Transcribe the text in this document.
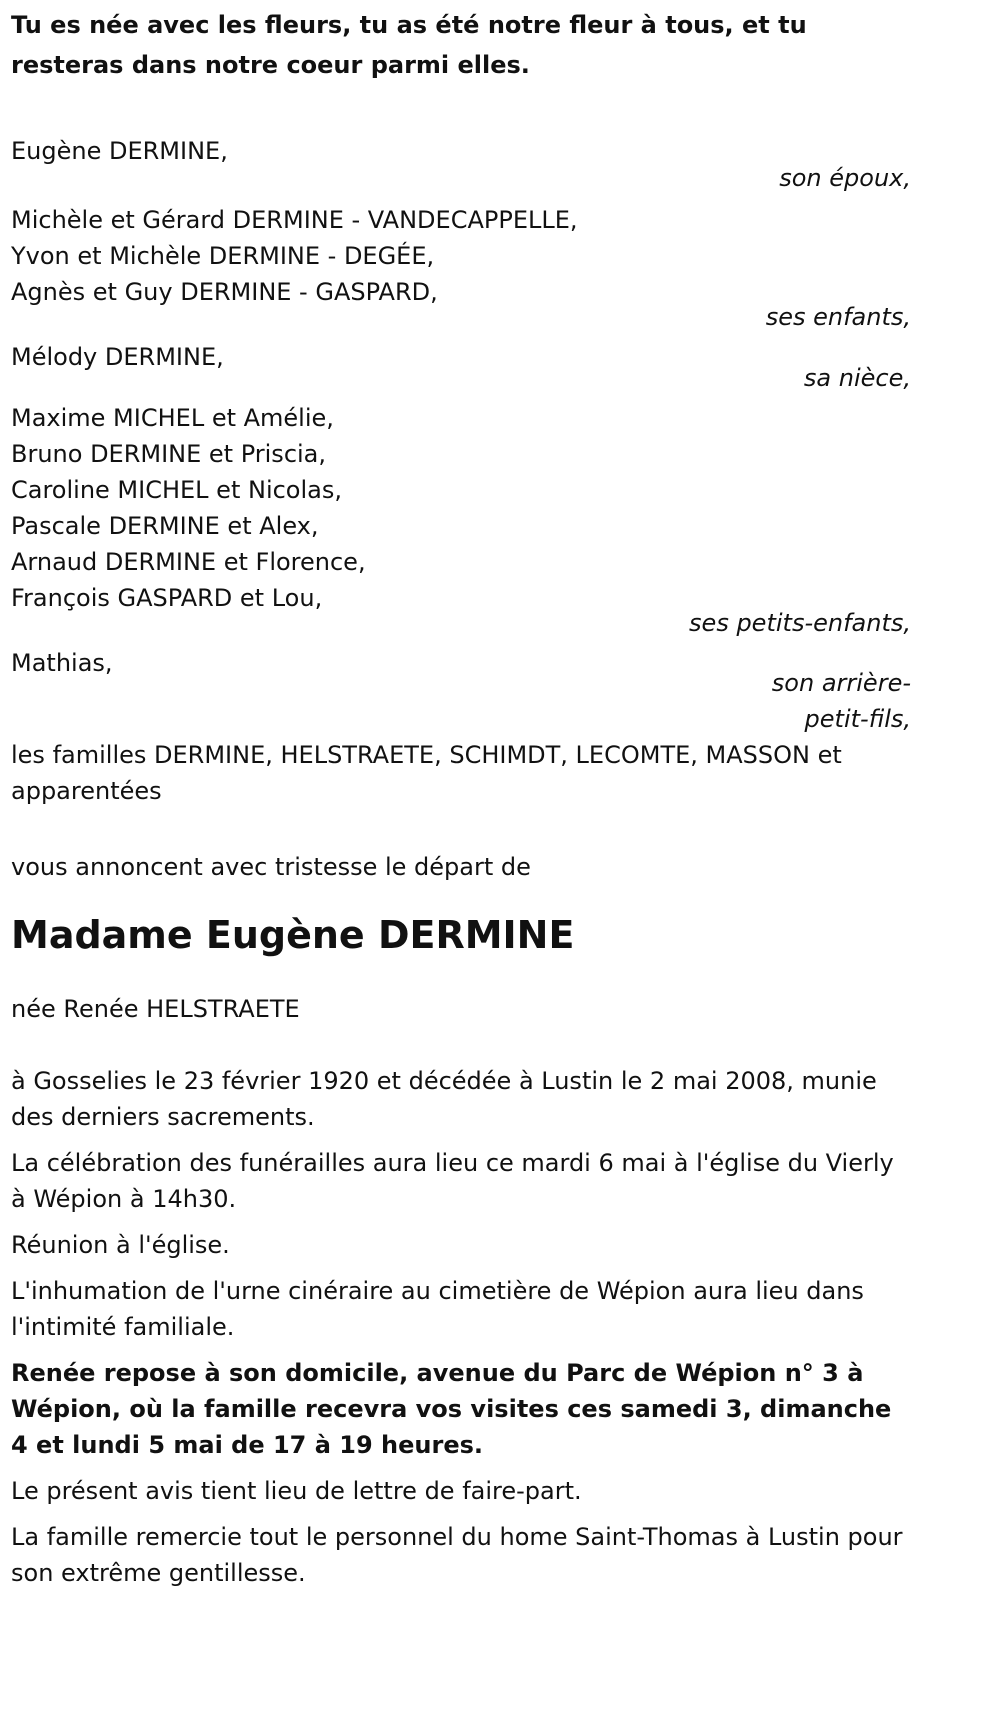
Tu es née avec les fleurs, tu as été notre fleur à tous, et tu resteras dans notre coeur parmi elles.

Eugène DERMINE,
son époux,
Michèle et Gérard DERMINE - VANDECAPPELLE,
Yvon et Michèle DERMINE - DEGÉE,
Agnès et Guy DERMINE - GASPARD,
ses enfants,
Mélody DERMINE,
sa nièce,
Maxime MICHEL et Amélie,
Bruno DERMINE et Priscia,
Caroline MICHEL et Nicolas,
Pascale DERMINE et Alex,
Arnaud DERMINE et Florence,
François GASPARD et Lou,
ses petits-enfants,
Mathias,
son arrière-
petit-fils,

les familles DERMINE, HELSTRAETE, SCHIMDT, LECOMTE, MASSON et apparentées

vous annoncent avec tristesse le départ de

Madame Eugène DERMINE

née Renée HELSTRAETE

à Gosselies le 23 février 1920 et décédée à Lustin le 2 mai 2008, munie des derniers sacrements.

La célébration des funérailles aura lieu ce mardi 6 mai à l'église du Vierly à Wépion à 14h30.

Réunion à l'église.

L'inhumation de l'urne cinéraire au cimetière de Wépion aura lieu dans l'intimité familiale.

Renée repose à son domicile, avenue du Parc de Wépion n° 3 à Wépion, où la famille recevra vos visites ces samedi 3, dimanche 4 et lundi 5 mai de 17 à 19 heures.

Le présent avis tient lieu de lettre de faire-part.

La famille remercie tout le personnel du home Saint-Thomas à Lustin pour son extrême gentillesse.
